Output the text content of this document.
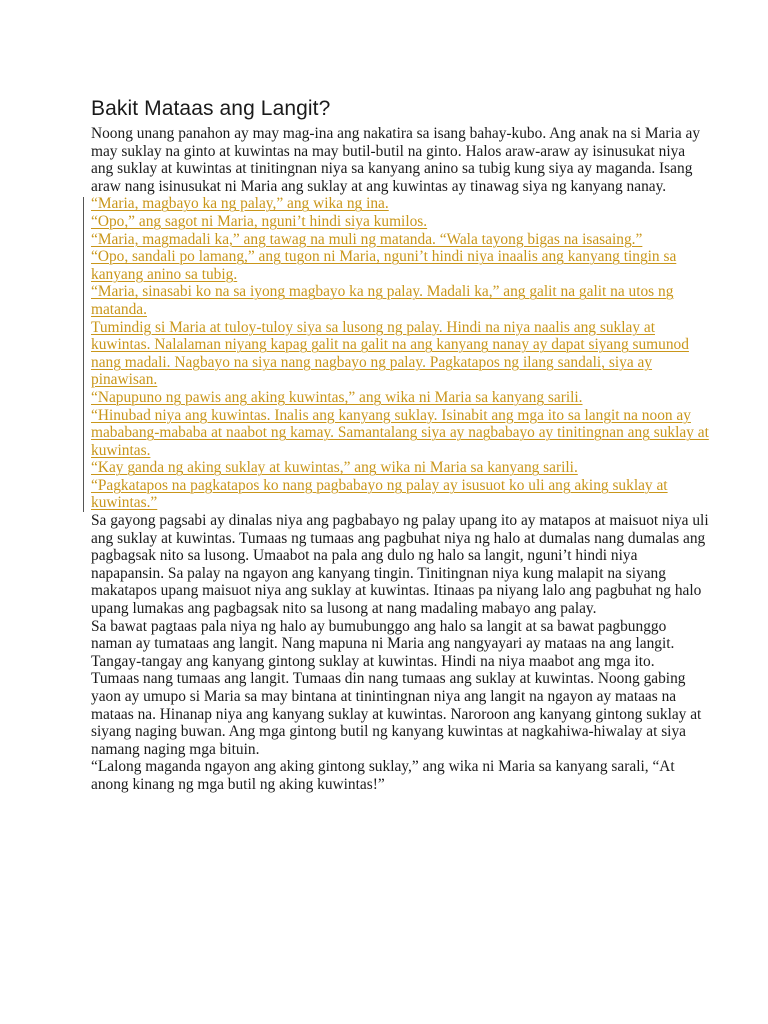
Bakit Mataas ang Langit?

Noong unang panahon ay may mag-ina ang nakatira sa isang bahay-kubo. Ang anak na si Maria ay may suklay na ginto at kuwintas na may butil-butil na ginto. Halos araw-araw ay isinusukat niya ang suklay at kuwintas at tinitingnan niya sa kanyang anino sa tubig kung siya ay maganda. Isang araw nang isinusukat ni Maria ang suklay at ang kuwintas ay tinawag siya ng kanyang nanay.

“Maria, magbayo ka ng palay,” ang wika ng ina.

“Opo,” ang sagot ni Maria, nguni’t hindi siya kumilos.

“Maria, magmadali ka,” ang tawag na muli ng matanda. “Wala tayong bigas na isasaing.”

“Opo, sandali po lamang,” ang tugon ni Maria, nguni’t hindi niya inaalis ang kanyang tingin sa kanyang anino sa tubig.

“Maria, sinasabi ko na sa iyong magbayo ka ng palay. Madali ka,” ang galit na galit na utos ng matanda.

Tumindig si Maria at tuloy-tuloy siya sa lusong ng palay. Hindi na niya naalis ang suklay at kuwintas. Nalalaman niyang kapag galit na galit na ang kanyang nanay ay dapat siyang sumunod nang madali. Nagbayo na siya nang nagbayo ng palay. Pagkatapos ng ilang sandali, siya ay pinawisan.

“Napupuno ng pawis ang aking kuwintas,” ang wika ni Maria sa kanyang sarili.

“Hinubad niya ang kuwintas. Inalis ang kanyang suklay. Isinabit ang mga ito sa langit na noon ay mababang-mababa at naabot ng kamay. Samantalang siya ay nagbabayo ay tinitingnan ang suklay at kuwintas.

“Kay ganda ng aking suklay at kuwintas,” ang wika ni Maria sa kanyang sarili.

“Pagkatapos na pagkatapos ko nang pagbabayo ng palay ay isusuot ko uli ang aking suklay at kuwintas.”

Sa gayong pagsabi ay dinalas niya ang pagbabayo ng palay upang ito ay matapos at maisuot niya uli ang suklay at kuwintas. Tumaas ng tumaas ang pagbuhat niya ng halo at dumalas nang dumalas ang pagbagsak nito sa lusong. Umaabot na pala ang dulo ng halo sa langit, nguni’t hindi niya napapansin. Sa palay na ngayon ang kanyang tingin. Tinitingnan niya kung malapit na siyang makatapos upang maisuot niya ang suklay at kuwintas. Itinaas pa niyang lalo ang pagbuhat ng halo upang lumakas ang pagbagsak nito sa lusong at nang madaling mabayo ang palay.

Sa bawat pagtaas pala niya ng halo ay bumubunggo ang halo sa langit at sa bawat pagbunggo naman ay tumataas ang langit. Nang mapuna ni Maria ang nangyayari ay mataas na ang langit. Tangay-tangay ang kanyang gintong suklay at kuwintas. Hindi na niya maabot ang mga ito.

Tumaas nang tumaas ang langit. Tumaas din nang tumaas ang suklay at kuwintas. Noong gabing yaon ay umupo si Maria sa may bintana at tinintingnan niya ang langit na ngayon ay mataas na mataas na. Hinanap niya ang kanyang suklay at kuwintas. Naroroon ang kanyang gintong suklay at siyang naging buwan. Ang mga gintong butil ng kanyang kuwintas at nagkahiwa-hiwalay at siya namang naging mga bituin.

“Lalong maganda ngayon ang aking gintong suklay,” ang wika ni Maria sa kanyang sarali, “At anong kinang ng mga butil ng aking kuwintas!”
